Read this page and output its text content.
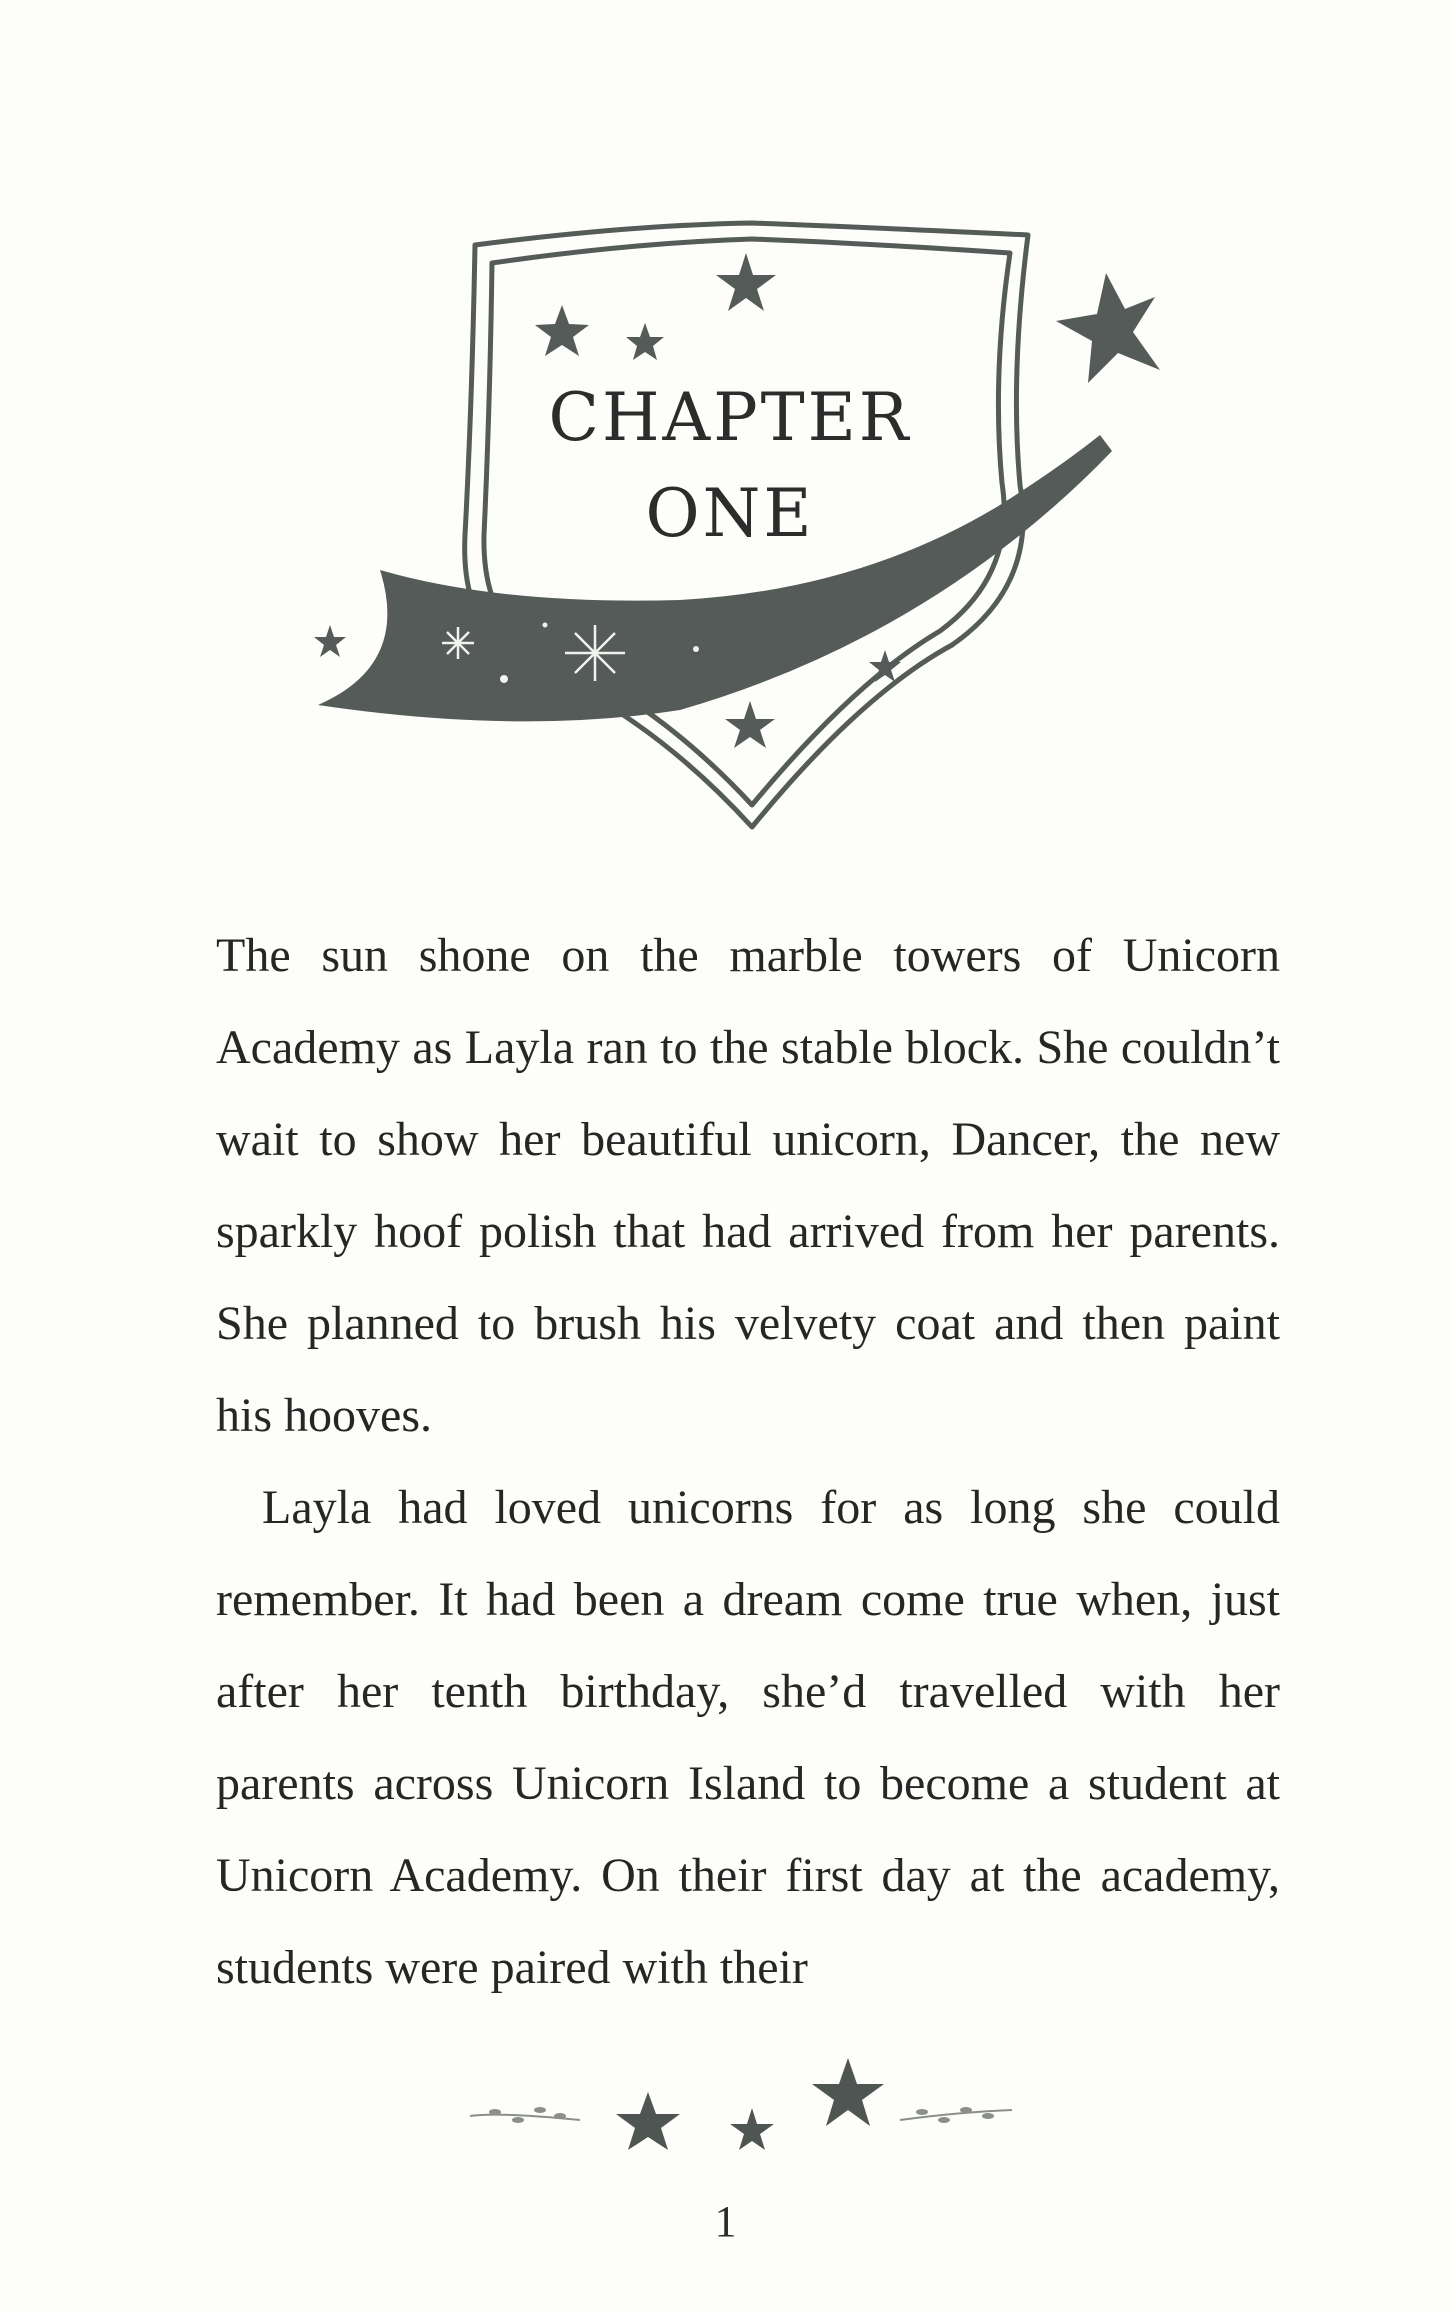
CHAPTER
ONE

The sun shone on the marble towers of Unicorn Academy as Layla ran to the stable block. She couldn’t wait to show her beautiful unicorn, Dancer, the new sparkly hoof polish that had arrived from her parents. She planned to brush his velvety coat and then paint his hooves.

Layla had loved unicorns for as long she could remember. It had been a dream come true when, just after her tenth birthday, she’d travelled with her parents across Unicorn Island to become a student at Unicorn Academy. On their first day at the academy, students were paired with their

1
